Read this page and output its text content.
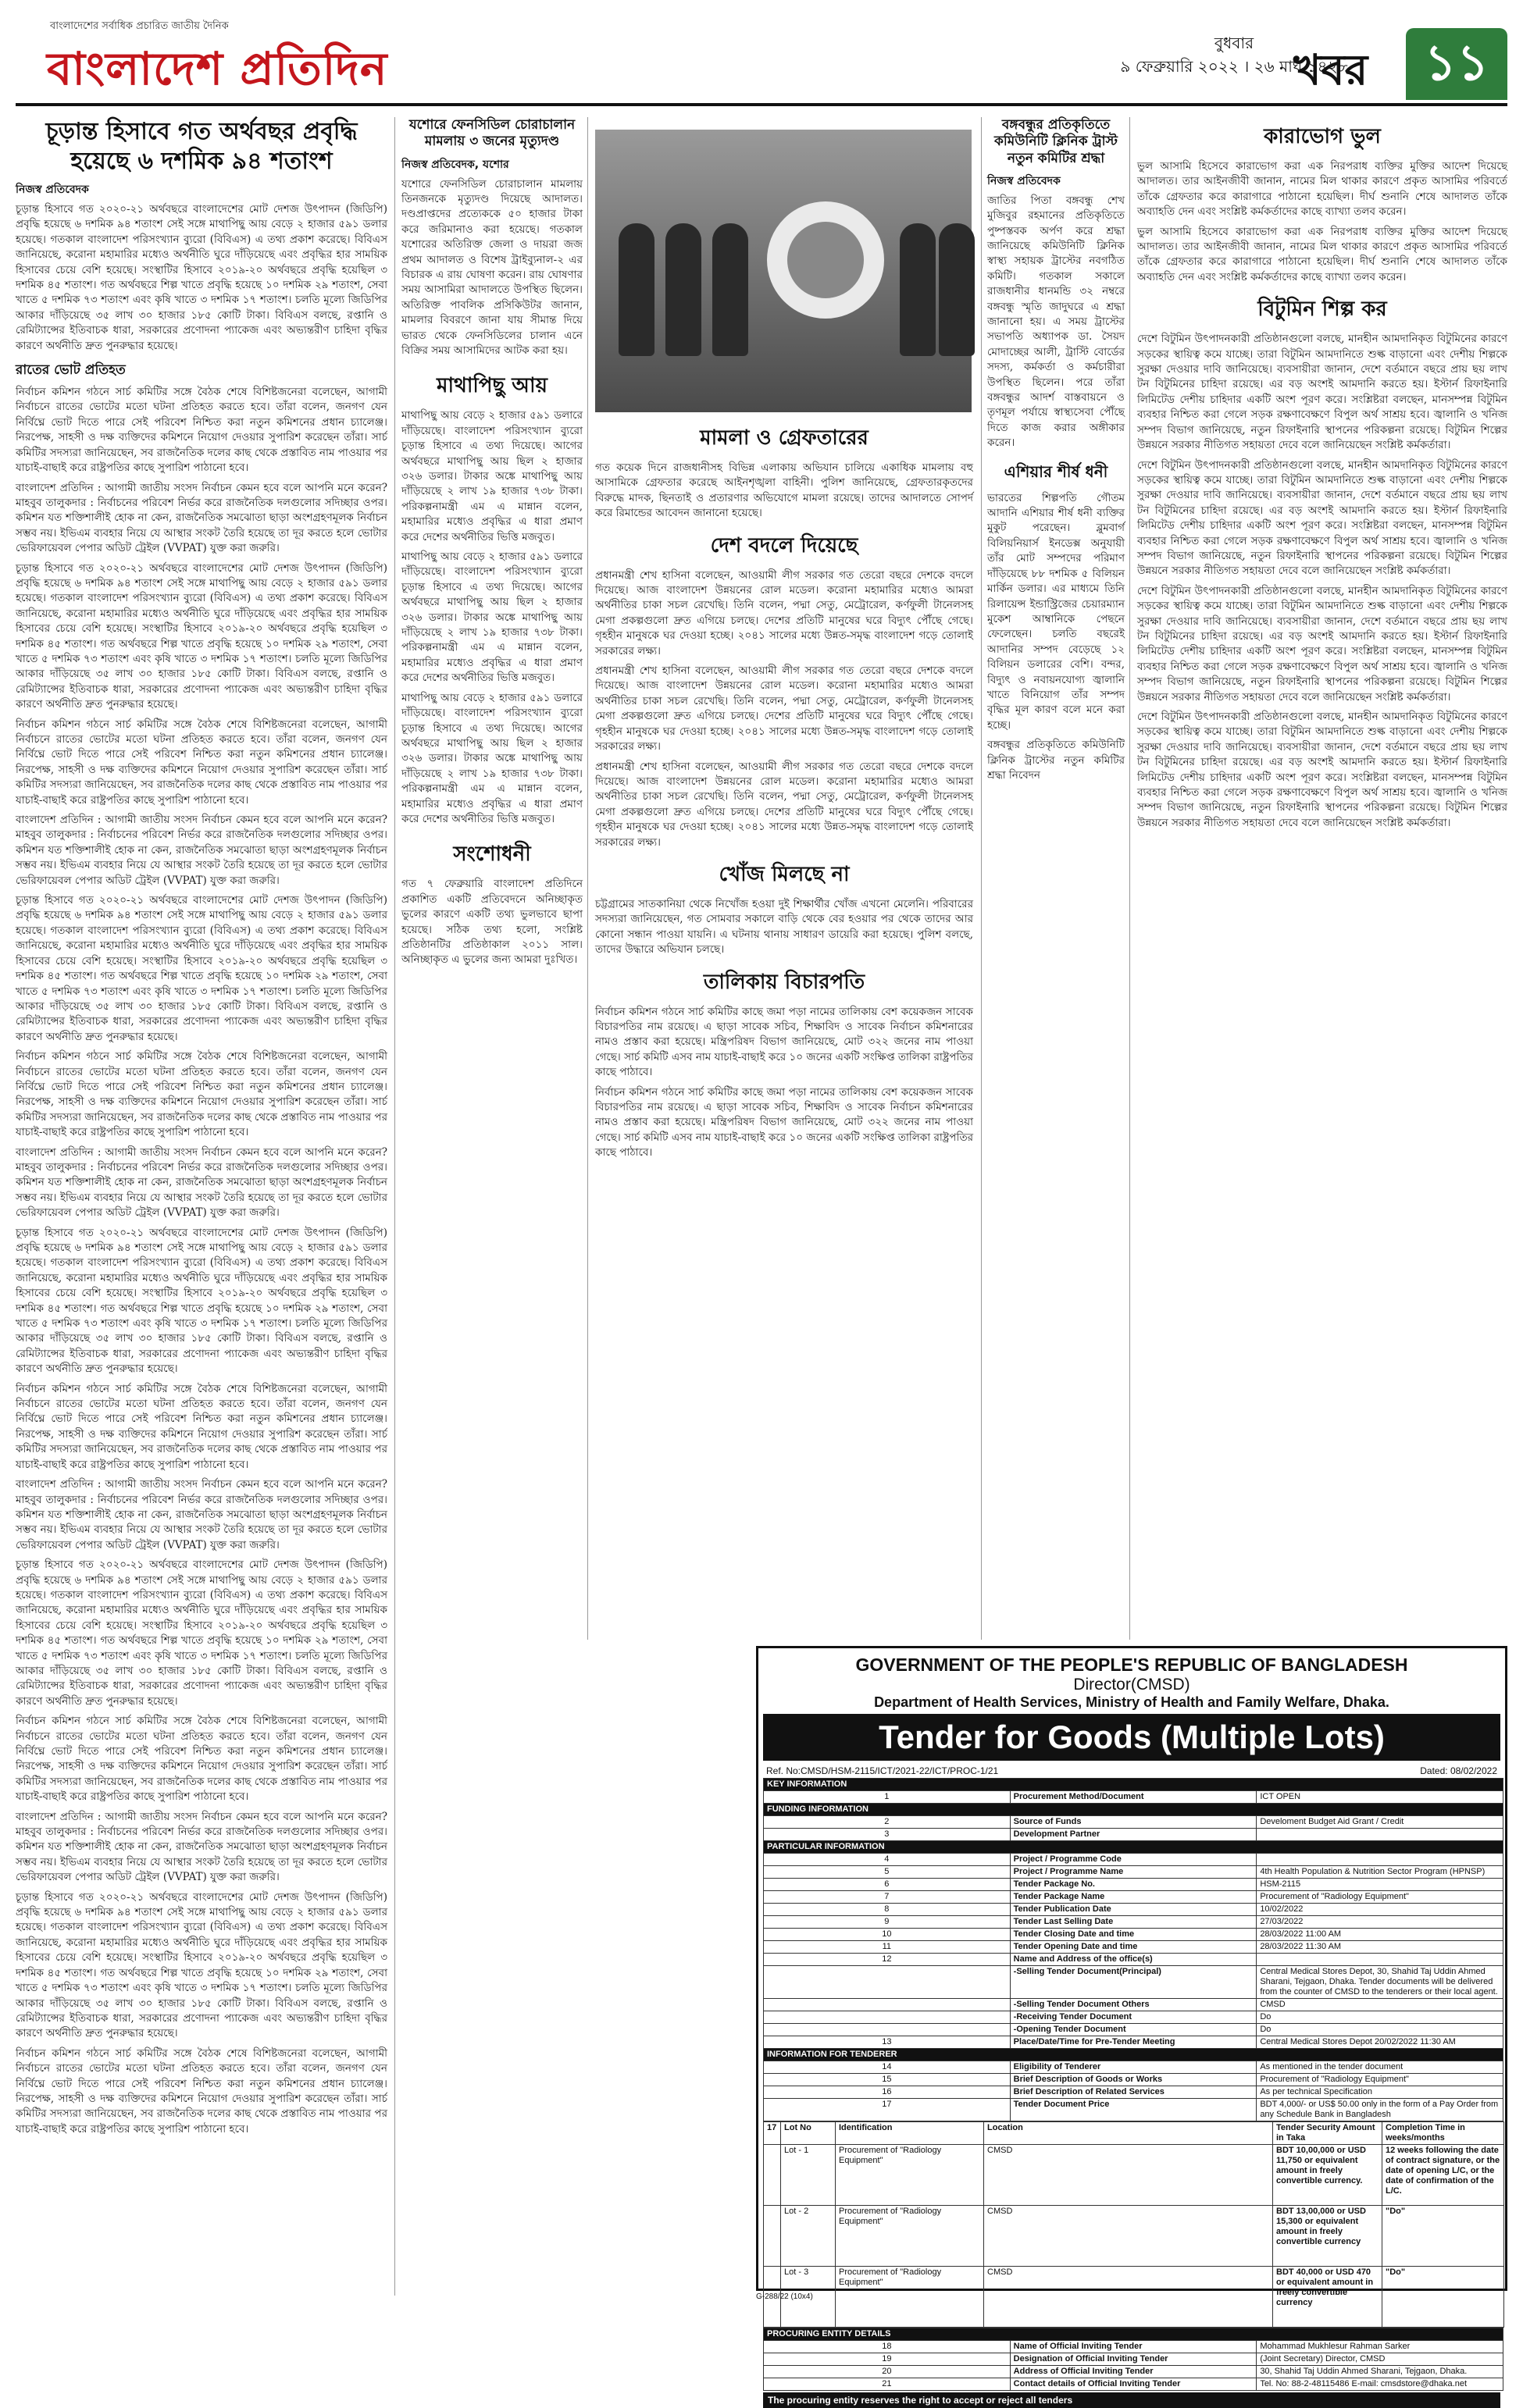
বাংলাদেশের সর্বাধিক প্রচারিত জাতীয় দৈনিক
বাংলাদেশ প্রতিদিন	বুধবার
৯ ফেব্রুয়ারি ২০২২ । ২৬ মাঘ ১৪২৮
খবর	১১
চূড়ান্ত হিসাবে গত অর্থবছর প্রবৃদ্ধি হয়েছে ৬ দশমিক ৯৪ শতাংশ
নিজস্ব প্রতিবেদক
চূড়ান্ত হিসাবে গত ২০২০-২১ অর্থবছরে বাংলাদেশের মোট দেশজ উৎপাদন (জিডিপি) প্রবৃদ্ধি হয়েছে ৬ দশমিক ৯৪ শতাংশ সেই সঙ্গে মাথাপিছু আয় বেড়ে ২ হাজার ৫৯১ ডলার হয়েছে। গতকাল বাংলাদেশ পরিসংখ্যান ব্যুরো (বিবিএস) এ তথ্য প্রকাশ করেছে। বিবিএস জানিয়েছে, করোনা মহামারির মধ্যেও অর্থনীতি ঘুরে দাঁড়িয়েছে এবং প্রবৃদ্ধির হার সাময়িক হিসাবের চেয়ে বেশি হয়েছে। সংস্থাটির হিসাবে ২০১৯-২০ অর্থবছরে প্রবৃদ্ধি হয়েছিল ৩ দশমিক ৪৫ শতাংশ। গত অর্থবছরে শিল্প খাতে প্রবৃদ্ধি হয়েছে ১০ দশমিক ২৯ শতাংশ, সেবা খাতে ৫ দশমিক ৭৩ শতাংশ এবং কৃষি খাতে ৩ দশমিক ১৭ শতাংশ। চলতি মূল্যে জিডিপির আকার দাঁড়িয়েছে ৩৫ লাখ ৩০ হাজার ১৮৫ কোটি টাকা। বিবিএস বলছে, রপ্তানি ও রেমিট্যান্সের ইতিবাচক ধারা, সরকারের প্রণোদনা প্যাকেজ এবং অভ্যন্তরীণ চাহিদা বৃদ্ধির কারণে অর্থনীতি দ্রুত পুনরুদ্ধার হয়েছে।
রাতের ভোট প্রতিহত
নির্বাচন কমিশন গঠনে সার্চ কমিটির সঙ্গে বৈঠক শেষে বিশিষ্টজনেরা বলেছেন, আগামী নির্বাচনে রাতের ভোটের মতো ঘটনা প্রতিহত করতে হবে। তাঁরা বলেন, জনগণ যেন নির্বিঘ্নে ভোট দিতে পারে সেই পরিবেশ নিশ্চিত করা নতুন কমিশনের প্রধান চ্যালেঞ্জ। নিরপেক্ষ, সাহসী ও দক্ষ ব্যক্তিদের কমিশনে নিয়োগ দেওয়ার সুপারিশ করেছেন তাঁরা। সার্চ কমিটির সদস্যরা জানিয়েছেন, সব রাজনৈতিক দলের কাছ থেকে প্রস্তাবিত নাম পাওয়ার পর যাচাই-বাছাই করে রাষ্ট্রপতির কাছে সুপারিশ পাঠানো হবে।
বাংলাদেশ প্রতিদিন : আগামী জাতীয় সংসদ নির্বাচন কেমন হবে বলে আপনি মনে করেন? মাহবুব তালুকদার : নির্বাচনের পরিবেশ নির্ভর করে রাজনৈতিক দলগুলোর সদিচ্ছার ওপর। কমিশন যত শক্তিশালীই হোক না কেন, রাজনৈতিক সমঝোতা ছাড়া অংশগ্রহণমূলক নির্বাচন সম্ভব নয়। ইভিএম ব্যবহার নিয়ে যে আস্থার সংকট তৈরি হয়েছে তা দূর করতে হলে ভোটার ভেরিফায়েবল পেপার অডিট ট্রেইল (VVPAT) যুক্ত করা জরুরি।
চূড়ান্ত হিসাবে গত ২০২০-২১ অর্থবছরে বাংলাদেশের মোট দেশজ উৎপাদন (জিডিপি) প্রবৃদ্ধি হয়েছে ৬ দশমিক ৯৪ শতাংশ সেই সঙ্গে মাথাপিছু আয় বেড়ে ২ হাজার ৫৯১ ডলার হয়েছে। গতকাল বাংলাদেশ পরিসংখ্যান ব্যুরো (বিবিএস) এ তথ্য প্রকাশ করেছে। বিবিএস জানিয়েছে, করোনা মহামারির মধ্যেও অর্থনীতি ঘুরে দাঁড়িয়েছে এবং প্রবৃদ্ধির হার সাময়িক হিসাবের চেয়ে বেশি হয়েছে। সংস্থাটির হিসাবে ২০১৯-২০ অর্থবছরে প্রবৃদ্ধি হয়েছিল ৩ দশমিক ৪৫ শতাংশ। গত অর্থবছরে শিল্প খাতে প্রবৃদ্ধি হয়েছে ১০ দশমিক ২৯ শতাংশ, সেবা খাতে ৫ দশমিক ৭৩ শতাংশ এবং কৃষি খাতে ৩ দশমিক ১৭ শতাংশ। চলতি মূল্যে জিডিপির আকার দাঁড়িয়েছে ৩৫ লাখ ৩০ হাজার ১৮৫ কোটি টাকা। বিবিএস বলছে, রপ্তানি ও রেমিট্যান্সের ইতিবাচক ধারা, সরকারের প্রণোদনা প্যাকেজ এবং অভ্যন্তরীণ চাহিদা বৃদ্ধির কারণে অর্থনীতি দ্রুত পুনরুদ্ধার হয়েছে।
নির্বাচন কমিশন গঠনে সার্চ কমিটির সঙ্গে বৈঠক শেষে বিশিষ্টজনেরা বলেছেন, আগামী নির্বাচনে রাতের ভোটের মতো ঘটনা প্রতিহত করতে হবে। তাঁরা বলেন, জনগণ যেন নির্বিঘ্নে ভোট দিতে পারে সেই পরিবেশ নিশ্চিত করা নতুন কমিশনের প্রধান চ্যালেঞ্জ। নিরপেক্ষ, সাহসী ও দক্ষ ব্যক্তিদের কমিশনে নিয়োগ দেওয়ার সুপারিশ করেছেন তাঁরা। সার্চ কমিটির সদস্যরা জানিয়েছেন, সব রাজনৈতিক দলের কাছ থেকে প্রস্তাবিত নাম পাওয়ার পর যাচাই-বাছাই করে রাষ্ট্রপতির কাছে সুপারিশ পাঠানো হবে।
বাংলাদেশ প্রতিদিন : আগামী জাতীয় সংসদ নির্বাচন কেমন হবে বলে আপনি মনে করেন? মাহবুব তালুকদার : নির্বাচনের পরিবেশ নির্ভর করে রাজনৈতিক দলগুলোর সদিচ্ছার ওপর। কমিশন যত শক্তিশালীই হোক না কেন, রাজনৈতিক সমঝোতা ছাড়া অংশগ্রহণমূলক নির্বাচন সম্ভব নয়। ইভিএম ব্যবহার নিয়ে যে আস্থার সংকট তৈরি হয়েছে তা দূর করতে হলে ভোটার ভেরিফায়েবল পেপার অডিট ট্রেইল (VVPAT) যুক্ত করা জরুরি।
চূড়ান্ত হিসাবে গত ২০২০-২১ অর্থবছরে বাংলাদেশের মোট দেশজ উৎপাদন (জিডিপি) প্রবৃদ্ধি হয়েছে ৬ দশমিক ৯৪ শতাংশ সেই সঙ্গে মাথাপিছু আয় বেড়ে ২ হাজার ৫৯১ ডলার হয়েছে। গতকাল বাংলাদেশ পরিসংখ্যান ব্যুরো (বিবিএস) এ তথ্য প্রকাশ করেছে। বিবিএস জানিয়েছে, করোনা মহামারির মধ্যেও অর্থনীতি ঘুরে দাঁড়িয়েছে এবং প্রবৃদ্ধির হার সাময়িক হিসাবের চেয়ে বেশি হয়েছে। সংস্থাটির হিসাবে ২০১৯-২০ অর্থবছরে প্রবৃদ্ধি হয়েছিল ৩ দশমিক ৪৫ শতাংশ। গত অর্থবছরে শিল্প খাতে প্রবৃদ্ধি হয়েছে ১০ দশমিক ২৯ শতাংশ, সেবা খাতে ৫ দশমিক ৭৩ শতাংশ এবং কৃষি খাতে ৩ দশমিক ১৭ শতাংশ। চলতি মূল্যে জিডিপির আকার দাঁড়িয়েছে ৩৫ লাখ ৩০ হাজার ১৮৫ কোটি টাকা। বিবিএস বলছে, রপ্তানি ও রেমিট্যান্সের ইতিবাচক ধারা, সরকারের প্রণোদনা প্যাকেজ এবং অভ্যন্তরীণ চাহিদা বৃদ্ধির কারণে অর্থনীতি দ্রুত পুনরুদ্ধার হয়েছে।
নির্বাচন কমিশন গঠনে সার্চ কমিটির সঙ্গে বৈঠক শেষে বিশিষ্টজনেরা বলেছেন, আগামী নির্বাচনে রাতের ভোটের মতো ঘটনা প্রতিহত করতে হবে। তাঁরা বলেন, জনগণ যেন নির্বিঘ্নে ভোট দিতে পারে সেই পরিবেশ নিশ্চিত করা নতুন কমিশনের প্রধান চ্যালেঞ্জ। নিরপেক্ষ, সাহসী ও দক্ষ ব্যক্তিদের কমিশনে নিয়োগ দেওয়ার সুপারিশ করেছেন তাঁরা। সার্চ কমিটির সদস্যরা জানিয়েছেন, সব রাজনৈতিক দলের কাছ থেকে প্রস্তাবিত নাম পাওয়ার পর যাচাই-বাছাই করে রাষ্ট্রপতির কাছে সুপারিশ পাঠানো হবে।
বাংলাদেশ প্রতিদিন : আগামী জাতীয় সংসদ নির্বাচন কেমন হবে বলে আপনি মনে করেন? মাহবুব তালুকদার : নির্বাচনের পরিবেশ নির্ভর করে রাজনৈতিক দলগুলোর সদিচ্ছার ওপর। কমিশন যত শক্তিশালীই হোক না কেন, রাজনৈতিক সমঝোতা ছাড়া অংশগ্রহণমূলক নির্বাচন সম্ভব নয়। ইভিএম ব্যবহার নিয়ে যে আস্থার সংকট তৈরি হয়েছে তা দূর করতে হলে ভোটার ভেরিফায়েবল পেপার অডিট ট্রেইল (VVPAT) যুক্ত করা জরুরি।
চূড়ান্ত হিসাবে গত ২০২০-২১ অর্থবছরে বাংলাদেশের মোট দেশজ উৎপাদন (জিডিপি) প্রবৃদ্ধি হয়েছে ৬ দশমিক ৯৪ শতাংশ সেই সঙ্গে মাথাপিছু আয় বেড়ে ২ হাজার ৫৯১ ডলার হয়েছে। গতকাল বাংলাদেশ পরিসংখ্যান ব্যুরো (বিবিএস) এ তথ্য প্রকাশ করেছে। বিবিএস জানিয়েছে, করোনা মহামারির মধ্যেও অর্থনীতি ঘুরে দাঁড়িয়েছে এবং প্রবৃদ্ধির হার সাময়িক হিসাবের চেয়ে বেশি হয়েছে। সংস্থাটির হিসাবে ২০১৯-২০ অর্থবছরে প্রবৃদ্ধি হয়েছিল ৩ দশমিক ৪৫ শতাংশ। গত অর্থবছরে শিল্প খাতে প্রবৃদ্ধি হয়েছে ১০ দশমিক ২৯ শতাংশ, সেবা খাতে ৫ দশমিক ৭৩ শতাংশ এবং কৃষি খাতে ৩ দশমিক ১৭ শতাংশ। চলতি মূল্যে জিডিপির আকার দাঁড়িয়েছে ৩৫ লাখ ৩০ হাজার ১৮৫ কোটি টাকা। বিবিএস বলছে, রপ্তানি ও রেমিট্যান্সের ইতিবাচক ধারা, সরকারের প্রণোদনা প্যাকেজ এবং অভ্যন্তরীণ চাহিদা বৃদ্ধির কারণে অর্থনীতি দ্রুত পুনরুদ্ধার হয়েছে।
নির্বাচন কমিশন গঠনে সার্চ কমিটির সঙ্গে বৈঠক শেষে বিশিষ্টজনেরা বলেছেন, আগামী নির্বাচনে রাতের ভোটের মতো ঘটনা প্রতিহত করতে হবে। তাঁরা বলেন, জনগণ যেন নির্বিঘ্নে ভোট দিতে পারে সেই পরিবেশ নিশ্চিত করা নতুন কমিশনের প্রধান চ্যালেঞ্জ। নিরপেক্ষ, সাহসী ও দক্ষ ব্যক্তিদের কমিশনে নিয়োগ দেওয়ার সুপারিশ করেছেন তাঁরা। সার্চ কমিটির সদস্যরা জানিয়েছেন, সব রাজনৈতিক দলের কাছ থেকে প্রস্তাবিত নাম পাওয়ার পর যাচাই-বাছাই করে রাষ্ট্রপতির কাছে সুপারিশ পাঠানো হবে।
বাংলাদেশ প্রতিদিন : আগামী জাতীয় সংসদ নির্বাচন কেমন হবে বলে আপনি মনে করেন? মাহবুব তালুকদার : নির্বাচনের পরিবেশ নির্ভর করে রাজনৈতিক দলগুলোর সদিচ্ছার ওপর। কমিশন যত শক্তিশালীই হোক না কেন, রাজনৈতিক সমঝোতা ছাড়া অংশগ্রহণমূলক নির্বাচন সম্ভব নয়। ইভিএম ব্যবহার নিয়ে যে আস্থার সংকট তৈরি হয়েছে তা দূর করতে হলে ভোটার ভেরিফায়েবল পেপার অডিট ট্রেইল (VVPAT) যুক্ত করা জরুরি।
চূড়ান্ত হিসাবে গত ২০২০-২১ অর্থবছরে বাংলাদেশের মোট দেশজ উৎপাদন (জিডিপি) প্রবৃদ্ধি হয়েছে ৬ দশমিক ৯৪ শতাংশ সেই সঙ্গে মাথাপিছু আয় বেড়ে ২ হাজার ৫৯১ ডলার হয়েছে। গতকাল বাংলাদেশ পরিসংখ্যান ব্যুরো (বিবিএস) এ তথ্য প্রকাশ করেছে। বিবিএস জানিয়েছে, করোনা মহামারির মধ্যেও অর্থনীতি ঘুরে দাঁড়িয়েছে এবং প্রবৃদ্ধির হার সাময়িক হিসাবের চেয়ে বেশি হয়েছে। সংস্থাটির হিসাবে ২০১৯-২০ অর্থবছরে প্রবৃদ্ধি হয়েছিল ৩ দশমিক ৪৫ শতাংশ। গত অর্থবছরে শিল্প খাতে প্রবৃদ্ধি হয়েছে ১০ দশমিক ২৯ শতাংশ, সেবা খাতে ৫ দশমিক ৭৩ শতাংশ এবং কৃষি খাতে ৩ দশমিক ১৭ শতাংশ। চলতি মূল্যে জিডিপির আকার দাঁড়িয়েছে ৩৫ লাখ ৩০ হাজার ১৮৫ কোটি টাকা। বিবিএস বলছে, রপ্তানি ও রেমিট্যান্সের ইতিবাচক ধারা, সরকারের প্রণোদনা প্যাকেজ এবং অভ্যন্তরীণ চাহিদা বৃদ্ধির কারণে অর্থনীতি দ্রুত পুনরুদ্ধার হয়েছে।
নির্বাচন কমিশন গঠনে সার্চ কমিটির সঙ্গে বৈঠক শেষে বিশিষ্টজনেরা বলেছেন, আগামী নির্বাচনে রাতের ভোটের মতো ঘটনা প্রতিহত করতে হবে। তাঁরা বলেন, জনগণ যেন নির্বিঘ্নে ভোট দিতে পারে সেই পরিবেশ নিশ্চিত করা নতুন কমিশনের প্রধান চ্যালেঞ্জ। নিরপেক্ষ, সাহসী ও দক্ষ ব্যক্তিদের কমিশনে নিয়োগ দেওয়ার সুপারিশ করেছেন তাঁরা। সার্চ কমিটির সদস্যরা জানিয়েছেন, সব রাজনৈতিক দলের কাছ থেকে প্রস্তাবিত নাম পাওয়ার পর যাচাই-বাছাই করে রাষ্ট্রপতির কাছে সুপারিশ পাঠানো হবে।
বাংলাদেশ প্রতিদিন : আগামী জাতীয় সংসদ নির্বাচন কেমন হবে বলে আপনি মনে করেন? মাহবুব তালুকদার : নির্বাচনের পরিবেশ নির্ভর করে রাজনৈতিক দলগুলোর সদিচ্ছার ওপর। কমিশন যত শক্তিশালীই হোক না কেন, রাজনৈতিক সমঝোতা ছাড়া অংশগ্রহণমূলক নির্বাচন সম্ভব নয়। ইভিএম ব্যবহার নিয়ে যে আস্থার সংকট তৈরি হয়েছে তা দূর করতে হলে ভোটার ভেরিফায়েবল পেপার অডিট ট্রেইল (VVPAT) যুক্ত করা জরুরি।
চূড়ান্ত হিসাবে গত ২০২০-২১ অর্থবছরে বাংলাদেশের মোট দেশজ উৎপাদন (জিডিপি) প্রবৃদ্ধি হয়েছে ৬ দশমিক ৯৪ শতাংশ সেই সঙ্গে মাথাপিছু আয় বেড়ে ২ হাজার ৫৯১ ডলার হয়েছে। গতকাল বাংলাদেশ পরিসংখ্যান ব্যুরো (বিবিএস) এ তথ্য প্রকাশ করেছে। বিবিএস জানিয়েছে, করোনা মহামারির মধ্যেও অর্থনীতি ঘুরে দাঁড়িয়েছে এবং প্রবৃদ্ধির হার সাময়িক হিসাবের চেয়ে বেশি হয়েছে। সংস্থাটির হিসাবে ২০১৯-২০ অর্থবছরে প্রবৃদ্ধি হয়েছিল ৩ দশমিক ৪৫ শতাংশ। গত অর্থবছরে শিল্প খাতে প্রবৃদ্ধি হয়েছে ১০ দশমিক ২৯ শতাংশ, সেবা খাতে ৫ দশমিক ৭৩ শতাংশ এবং কৃষি খাতে ৩ দশমিক ১৭ শতাংশ। চলতি মূল্যে জিডিপির আকার দাঁড়িয়েছে ৩৫ লাখ ৩০ হাজার ১৮৫ কোটি টাকা। বিবিএস বলছে, রপ্তানি ও রেমিট্যান্সের ইতিবাচক ধারা, সরকারের প্রণোদনা প্যাকেজ এবং অভ্যন্তরীণ চাহিদা বৃদ্ধির কারণে অর্থনীতি দ্রুত পুনরুদ্ধার হয়েছে।
নির্বাচন কমিশন গঠনে সার্চ কমিটির সঙ্গে বৈঠক শেষে বিশিষ্টজনেরা বলেছেন, আগামী নির্বাচনে রাতের ভোটের মতো ঘটনা প্রতিহত করতে হবে। তাঁরা বলেন, জনগণ যেন নির্বিঘ্নে ভোট দিতে পারে সেই পরিবেশ নিশ্চিত করা নতুন কমিশনের প্রধান চ্যালেঞ্জ। নিরপেক্ষ, সাহসী ও দক্ষ ব্যক্তিদের কমিশনে নিয়োগ দেওয়ার সুপারিশ করেছেন তাঁরা। সার্চ কমিটির সদস্যরা জানিয়েছেন, সব রাজনৈতিক দলের কাছ থেকে প্রস্তাবিত নাম পাওয়ার পর যাচাই-বাছাই করে রাষ্ট্রপতির কাছে সুপারিশ পাঠানো হবে।
যশোরে ফেনসিডিল চোরাচালান মামলায় ৩ জনের মৃত্যুদণ্ড
নিজস্ব প্রতিবেদক, যশোর
যশোরে ফেনসিডিল চোরাচালান মামলায় তিনজনকে মৃত্যুদণ্ড দিয়েছে আদালত। দণ্ডপ্রাপ্তদের প্রত্যেককে ৫০ হাজার টাকা করে জরিমানাও করা হয়েছে। গতকাল যশোরের অতিরিক্ত জেলা ও দায়রা জজ প্রথম আদালত ও বিশেষ ট্রাইব্যুনাল-২ এর বিচারক এ রায় ঘোষণা করেন। রায় ঘোষণার সময় আসামিরা আদালতে উপস্থিত ছিলেন। অতিরিক্ত পাবলিক প্রসিকিউটর জানান, মামলার বিবরণে জানা যায় সীমান্ত দিয়ে ভারত থেকে ফেনসিডিলের চালান এনে বিক্রির সময় আসামিদের আটক করা হয়।
মাথাপিছু আয়
মাথাপিছু আয় বেড়ে ২ হাজার ৫৯১ ডলারে দাঁড়িয়েছে। বাংলাদেশ পরিসংখ্যান ব্যুরো চূড়ান্ত হিসাবে এ তথ্য দিয়েছে। আগের অর্থবছরে মাথাপিছু আয় ছিল ২ হাজার ৩২৬ ডলার। টাকার অঙ্কে মাথাপিছু আয় দাঁড়িয়েছে ২ লাখ ১৯ হাজার ৭৩৮ টাকা। পরিকল্পনামন্ত্রী এম এ মান্নান বলেন, মহামারির মধ্যেও প্রবৃদ্ধির এ ধারা প্রমাণ করে দেশের অর্থনীতির ভিত্তি মজবুত।
মাথাপিছু আয় বেড়ে ২ হাজার ৫৯১ ডলারে দাঁড়িয়েছে। বাংলাদেশ পরিসংখ্যান ব্যুরো চূড়ান্ত হিসাবে এ তথ্য দিয়েছে। আগের অর্থবছরে মাথাপিছু আয় ছিল ২ হাজার ৩২৬ ডলার। টাকার অঙ্কে মাথাপিছু আয় দাঁড়িয়েছে ২ লাখ ১৯ হাজার ৭৩৮ টাকা। পরিকল্পনামন্ত্রী এম এ মান্নান বলেন, মহামারির মধ্যেও প্রবৃদ্ধির এ ধারা প্রমাণ করে দেশের অর্থনীতির ভিত্তি মজবুত।
মাথাপিছু আয় বেড়ে ২ হাজার ৫৯১ ডলারে দাঁড়িয়েছে। বাংলাদেশ পরিসংখ্যান ব্যুরো চূড়ান্ত হিসাবে এ তথ্য দিয়েছে। আগের অর্থবছরে মাথাপিছু আয় ছিল ২ হাজার ৩২৬ ডলার। টাকার অঙ্কে মাথাপিছু আয় দাঁড়িয়েছে ২ লাখ ১৯ হাজার ৭৩৮ টাকা। পরিকল্পনামন্ত্রী এম এ মান্নান বলেন, মহামারির মধ্যেও প্রবৃদ্ধির এ ধারা প্রমাণ করে দেশের অর্থনীতির ভিত্তি মজবুত।
সংশোধনী
গত ৭ ফেব্রুয়ারি বাংলাদেশ প্রতিদিনে প্রকাশিত একটি প্রতিবেদনে অনিচ্ছাকৃত ভুলের কারণে একটি তথ্য ভুলভাবে ছাপা হয়েছে। সঠিক তথ্য হলো, সংশ্লিষ্ট প্রতিষ্ঠানটির প্রতিষ্ঠাকাল ২০১১ সাল। অনিচ্ছাকৃত এ ভুলের জন্য আমরা দুঃখিত।
মামলা ও গ্রেফতারের
গত কয়েক দিনে রাজধানীসহ বিভিন্ন এলাকায় অভিযান চালিয়ে একাধিক মামলায় বহু আসামিকে গ্রেফতার করেছে আইনশৃঙ্খলা বাহিনী। পুলিশ জানিয়েছে, গ্রেফতারকৃতদের বিরুদ্ধে মাদক, ছিনতাই ও প্রতারণার অভিযোগে মামলা রয়েছে। তাদের আদালতে সোপর্দ করে রিমান্ডের আবেদন জানানো হয়েছে।
দেশ বদলে দিয়েছে
প্রধানমন্ত্রী শেখ হাসিনা বলেছেন, আওয়ামী লীগ সরকার গত তেরো বছরে দেশকে বদলে দিয়েছে। আজ বাংলাদেশ উন্নয়নের রোল মডেল। করোনা মহামারির মধ্যেও আমরা অর্থনীতির চাকা সচল রেখেছি। তিনি বলেন, পদ্মা সেতু, মেট্রোরেল, কর্ণফুলী টানেলসহ মেগা প্রকল্পগুলো দ্রুত এগিয়ে চলছে। দেশের প্রতিটি মানুষের ঘরে বিদ্যুৎ পৌঁছে গেছে। গৃহহীন মানুষকে ঘর দেওয়া হচ্ছে। ২০৪১ সালের মধ্যে উন্নত-সমৃদ্ধ বাংলাদেশ গড়ে তোলাই সরকারের লক্ষ্য।
প্রধানমন্ত্রী শেখ হাসিনা বলেছেন, আওয়ামী লীগ সরকার গত তেরো বছরে দেশকে বদলে দিয়েছে। আজ বাংলাদেশ উন্নয়নের রোল মডেল। করোনা মহামারির মধ্যেও আমরা অর্থনীতির চাকা সচল রেখেছি। তিনি বলেন, পদ্মা সেতু, মেট্রোরেল, কর্ণফুলী টানেলসহ মেগা প্রকল্পগুলো দ্রুত এগিয়ে চলছে। দেশের প্রতিটি মানুষের ঘরে বিদ্যুৎ পৌঁছে গেছে। গৃহহীন মানুষকে ঘর দেওয়া হচ্ছে। ২০৪১ সালের মধ্যে উন্নত-সমৃদ্ধ বাংলাদেশ গড়ে তোলাই সরকারের লক্ষ্য।
প্রধানমন্ত্রী শেখ হাসিনা বলেছেন, আওয়ামী লীগ সরকার গত তেরো বছরে দেশকে বদলে দিয়েছে। আজ বাংলাদেশ উন্নয়নের রোল মডেল। করোনা মহামারির মধ্যেও আমরা অর্থনীতির চাকা সচল রেখেছি। তিনি বলেন, পদ্মা সেতু, মেট্রোরেল, কর্ণফুলী টানেলসহ মেগা প্রকল্পগুলো দ্রুত এগিয়ে চলছে। দেশের প্রতিটি মানুষের ঘরে বিদ্যুৎ পৌঁছে গেছে। গৃহহীন মানুষকে ঘর দেওয়া হচ্ছে। ২০৪১ সালের মধ্যে উন্নত-সমৃদ্ধ বাংলাদেশ গড়ে তোলাই সরকারের লক্ষ্য।
খোঁজ মিলছে না
চট্টগ্রামের সাতকানিয়া থেকে নিখোঁজ হওয়া দুই শিক্ষার্থীর খোঁজ এখনো মেলেনি। পরিবারের সদস্যরা জানিয়েছেন, গত সোমবার সকালে বাড়ি থেকে বের হওয়ার পর থেকে তাদের আর কোনো সন্ধান পাওয়া যায়নি। এ ঘটনায় থানায় সাধারণ ডায়েরি করা হয়েছে। পুলিশ বলছে, তাদের উদ্ধারে অভিযান চলছে।
তালিকায় বিচারপতি
নির্বাচন কমিশন গঠনে সার্চ কমিটির কাছে জমা পড়া নামের তালিকায় বেশ কয়েকজন সাবেক বিচারপতির নাম রয়েছে। এ ছাড়া সাবেক সচিব, শিক্ষাবিদ ও সাবেক নির্বাচন কমিশনারের নামও প্রস্তাব করা হয়েছে। মন্ত্রিপরিষদ বিভাগ জানিয়েছে, মোট ৩২২ জনের নাম পাওয়া গেছে। সার্চ কমিটি এসব নাম যাচাই-বাছাই করে ১০ জনের একটি সংক্ষিপ্ত তালিকা রাষ্ট্রপতির কাছে পাঠাবে।
নির্বাচন কমিশন গঠনে সার্চ কমিটির কাছে জমা পড়া নামের তালিকায় বেশ কয়েকজন সাবেক বিচারপতির নাম রয়েছে। এ ছাড়া সাবেক সচিব, শিক্ষাবিদ ও সাবেক নির্বাচন কমিশনারের নামও প্রস্তাব করা হয়েছে। মন্ত্রিপরিষদ বিভাগ জানিয়েছে, মোট ৩২২ জনের নাম পাওয়া গেছে। সার্চ কমিটি এসব নাম যাচাই-বাছাই করে ১০ জনের একটি সংক্ষিপ্ত তালিকা রাষ্ট্রপতির কাছে পাঠাবে।
বঙ্গবন্ধুর প্রতিকৃতিতে কমিউনিটি ক্লিনিক ট্রাস্ট নতুন কমিটির শ্রদ্ধা
নিজস্ব প্রতিবেদক
জাতির পিতা বঙ্গবন্ধু শেখ মুজিবুর রহমানের প্রতিকৃতিতে পুষ্পস্তবক অর্পণ করে শ্রদ্ধা জানিয়েছে কমিউনিটি ক্লিনিক স্বাস্থ্য সহায়ক ট্রাস্টের নবগঠিত কমিটি। গতকাল সকালে রাজধানীর ধানমন্ডি ৩২ নম্বরে বঙ্গবন্ধু স্মৃতি জাদুঘরে এ শ্রদ্ধা জানানো হয়। এ সময় ট্রাস্টের সভাপতি অধ্যাপক ডা. সৈয়দ মোদাচ্ছের আলী, ট্রাস্টি বোর্ডের সদস্য, কর্মকর্তা ও কর্মচারীরা উপস্থিত ছিলেন। পরে তাঁরা বঙ্গবন্ধুর আদর্শ বাস্তবায়নে ও তৃণমূল পর্যায়ে স্বাস্থ্যসেবা পৌঁছে দিতে কাজ করার অঙ্গীকার করেন।
এশিয়ার শীর্ষ ধনী
ভারতের শিল্পপতি গৌতম আদানি এশিয়ার শীর্ষ ধনী ব্যক্তির মুকুট পরেছেন। ব্লুমবার্গ বিলিয়নিয়ার্স ইনডেক্স অনুযায়ী তাঁর মোট সম্পদের পরিমাণ দাঁড়িয়েছে ৮৮ দশমিক ৫ বিলিয়ন মার্কিন ডলার। এর মাধ্যমে তিনি রিলায়েন্স ইন্ডাস্ট্রিজের চেয়ারম্যান মুকেশ আম্বানিকে পেছনে ফেলেছেন। চলতি বছরেই আদানির সম্পদ বেড়েছে ১২ বিলিয়ন ডলারের বেশি। বন্দর, বিদ্যুৎ ও নবায়নযোগ্য জ্বালানি খাতে বিনিয়োগ তাঁর সম্পদ বৃদ্ধির মূল কারণ বলে মনে করা হচ্ছে।
বঙ্গবন্ধুর প্রতিকৃতিতে কমিউনিটি ক্লিনিক ট্রাস্টের নতুন কমিটির শ্রদ্ধা নিবেদন
কারাভোগ ভুল
ভুল আসামি হিসেবে কারাভোগ করা এক নিরপরাধ ব্যক্তির মুক্তির আদেশ দিয়েছে আদালত। তার আইনজীবী জানান, নামের মিল থাকার কারণে প্রকৃত আসামির পরিবর্তে তাঁকে গ্রেফতার করে কারাগারে পাঠানো হয়েছিল। দীর্ঘ শুনানি শেষে আদালত তাঁকে অব্যাহতি দেন এবং সংশ্লিষ্ট কর্মকর্তাদের কাছে ব্যাখ্যা তলব করেন।
ভুল আসামি হিসেবে কারাভোগ করা এক নিরপরাধ ব্যক্তির মুক্তির আদেশ দিয়েছে আদালত। তার আইনজীবী জানান, নামের মিল থাকার কারণে প্রকৃত আসামির পরিবর্তে তাঁকে গ্রেফতার করে কারাগারে পাঠানো হয়েছিল। দীর্ঘ শুনানি শেষে আদালত তাঁকে অব্যাহতি দেন এবং সংশ্লিষ্ট কর্মকর্তাদের কাছে ব্যাখ্যা তলব করেন।
বিটুমিন শিল্প কর
দেশে বিটুমিন উৎপাদনকারী প্রতিষ্ঠানগুলো বলছে, মানহীন আমদানিকৃত বিটুমিনের কারণে সড়কের স্থায়িত্ব কমে যাচ্ছে। তারা বিটুমিন আমদানিতে শুল্ক বাড়ানো এবং দেশীয় শিল্পকে সুরক্ষা দেওয়ার দাবি জানিয়েছে। ব্যবসায়ীরা জানান, দেশে বর্তমানে বছরে প্রায় ছয় লাখ টন বিটুমিনের চাহিদা রয়েছে। এর বড় অংশই আমদানি করতে হয়। ইস্টার্ন রিফাইনারি লিমিটেড দেশীয় চাহিদার একটি অংশ পূরণ করে। সংশ্লিষ্টরা বলছেন, মানসম্পন্ন বিটুমিন ব্যবহার নিশ্চিত করা গেলে সড়ক রক্ষণাবেক্ষণে বিপুল অর্থ সাশ্রয় হবে। জ্বালানি ও খনিজ সম্পদ বিভাগ জানিয়েছে, নতুন রিফাইনারি স্থাপনের পরিকল্পনা রয়েছে। বিটুমিন শিল্পের উন্নয়নে সরকার নীতিগত সহায়তা দেবে বলে জানিয়েছেন সংশ্লিষ্ট কর্মকর্তারা।
দেশে বিটুমিন উৎপাদনকারী প্রতিষ্ঠানগুলো বলছে, মানহীন আমদানিকৃত বিটুমিনের কারণে সড়কের স্থায়িত্ব কমে যাচ্ছে। তারা বিটুমিন আমদানিতে শুল্ক বাড়ানো এবং দেশীয় শিল্পকে সুরক্ষা দেওয়ার দাবি জানিয়েছে। ব্যবসায়ীরা জানান, দেশে বর্তমানে বছরে প্রায় ছয় লাখ টন বিটুমিনের চাহিদা রয়েছে। এর বড় অংশই আমদানি করতে হয়। ইস্টার্ন রিফাইনারি লিমিটেড দেশীয় চাহিদার একটি অংশ পূরণ করে। সংশ্লিষ্টরা বলছেন, মানসম্পন্ন বিটুমিন ব্যবহার নিশ্চিত করা গেলে সড়ক রক্ষণাবেক্ষণে বিপুল অর্থ সাশ্রয় হবে। জ্বালানি ও খনিজ সম্পদ বিভাগ জানিয়েছে, নতুন রিফাইনারি স্থাপনের পরিকল্পনা রয়েছে। বিটুমিন শিল্পের উন্নয়নে সরকার নীতিগত সহায়তা দেবে বলে জানিয়েছেন সংশ্লিষ্ট কর্মকর্তারা।
দেশে বিটুমিন উৎপাদনকারী প্রতিষ্ঠানগুলো বলছে, মানহীন আমদানিকৃত বিটুমিনের কারণে সড়কের স্থায়িত্ব কমে যাচ্ছে। তারা বিটুমিন আমদানিতে শুল্ক বাড়ানো এবং দেশীয় শিল্পকে সুরক্ষা দেওয়ার দাবি জানিয়েছে। ব্যবসায়ীরা জানান, দেশে বর্তমানে বছরে প্রায় ছয় লাখ টন বিটুমিনের চাহিদা রয়েছে। এর বড় অংশই আমদানি করতে হয়। ইস্টার্ন রিফাইনারি লিমিটেড দেশীয় চাহিদার একটি অংশ পূরণ করে। সংশ্লিষ্টরা বলছেন, মানসম্পন্ন বিটুমিন ব্যবহার নিশ্চিত করা গেলে সড়ক রক্ষণাবেক্ষণে বিপুল অর্থ সাশ্রয় হবে। জ্বালানি ও খনিজ সম্পদ বিভাগ জানিয়েছে, নতুন রিফাইনারি স্থাপনের পরিকল্পনা রয়েছে। বিটুমিন শিল্পের উন্নয়নে সরকার নীতিগত সহায়তা দেবে বলে জানিয়েছেন সংশ্লিষ্ট কর্মকর্তারা।
দেশে বিটুমিন উৎপাদনকারী প্রতিষ্ঠানগুলো বলছে, মানহীন আমদানিকৃত বিটুমিনের কারণে সড়কের স্থায়িত্ব কমে যাচ্ছে। তারা বিটুমিন আমদানিতে শুল্ক বাড়ানো এবং দেশীয় শিল্পকে সুরক্ষা দেওয়ার দাবি জানিয়েছে। ব্যবসায়ীরা জানান, দেশে বর্তমানে বছরে প্রায় ছয় লাখ টন বিটুমিনের চাহিদা রয়েছে। এর বড় অংশই আমদানি করতে হয়। ইস্টার্ন রিফাইনারি লিমিটেড দেশীয় চাহিদার একটি অংশ পূরণ করে। সংশ্লিষ্টরা বলছেন, মানসম্পন্ন বিটুমিন ব্যবহার নিশ্চিত করা গেলে সড়ক রক্ষণাবেক্ষণে বিপুল অর্থ সাশ্রয় হবে। জ্বালানি ও খনিজ সম্পদ বিভাগ জানিয়েছে, নতুন রিফাইনারি স্থাপনের পরিকল্পনা রয়েছে। বিটুমিন শিল্পের উন্নয়নে সরকার নীতিগত সহায়তা দেবে বলে জানিয়েছেন সংশ্লিষ্ট কর্মকর্তারা।
GOVERNMENT OF THE PEOPLE'S REPUBLIC OF BANGLADESH
Director(CMSD)
Department of Health Services, Ministry of Health and Family Welfare, Dhaka.
Tender for Goods (Multiple Lots)
Ref. No:CMSD/HSM-2115/ICT/2021-22/ICT/PROC-1/21	Dated: 08/02/2022
KEY INFORMATION		
1	Procurement Method/Document	ICT OPEN
FUNDING INFORMATION		
2	Source of Funds	Develoment Budget Aid Grant / Credit
3	Development Partner	
PARTICULAR INFORMATION		
4	Project / Programme Code	
5	Project / Programme Name	4th Health Population & Nutrition Sector Program (HPNSP)
6	Tender Package No.	HSM-2115
7	Tender Package Name	Procurement of "Radiology Equipment"
8	Tender Publication Date	10/02/2022
9	Tender Last Selling Date	27/03/2022
10	Tender Closing Date and time	28/03/2022 11:00 AM
11	Tender Opening Date and time	28/03/2022 11:30 AM
12	Name and Address of the office(s)	
	-Selling Tender Document(Principal)	Central Medical Stores Depot, 30, Shahid Taj Uddin Ahmed Sharani, Tejgaon, Dhaka. Tender documents will be delivered from the counter of CMSD to the tenderers or their local agent.
	-Selling Tender Document Others	CMSD
	-Receiving Tender Document	Do
	-Opening Tender Document	Do
13	Place/Date/Time for Pre-Tender Meeting	Central Medical Stores Depot 20/02/2022 11:30 AM
INFORMATION FOR TENDERER		
14	Eligibility of Tenderer	As mentioned in the tender document
15	Brief Description of Goods or Works	Procurement of "Radiology Equipment"
16	Brief Description of Related Services	As per technical Specification
17	Tender Document Price	BDT 4,000/- or US$ 50.00 only in the form of a Pay Order from any Schedule Bank in Bangladesh
17	Lot No	Identification	Location	Tender Security Amount in Taka	Completion Time in weeks/months
	Lot - 1	Procurement of "Radiology Equipment"	CMSD	BDT 10,00,000 or USD 11,750 or equivalent amount in freely convertible currency.	12 weeks following the date of contract signature, or the date of opening L/C, or the date of confirmation of the L/C.
	Lot - 2	Procurement of "Radiology Equipment"	CMSD	BDT 13,00,000 or USD 15,300 or equivalent amount in freely convertible currency	"Do"
	Lot - 3	Procurement of "Radiology Equipment"	CMSD	BDT 40,000 or USD 470 or equivalent amount in freely convertible currency	"Do"
PROCURING ENTITY DETAILS		
18	Name of Official Inviting Tender	Mohammad Mukhlesur Rahman Sarker
19	Designation of Official Inviting Tender	(Joint Secretary) Director, CMSD
20	Address of Official Inviting Tender	30, Shahid Taj Uddin Ahmed Sharani, Tejgaon, Dhaka.
21	Contact details of Official Inviting Tender	Tel. No: 88-2-48115486 E-mail: cmsdstore@dhaka.net
The procuring entity reserves the right to accept or reject all tenders
G-288/22 (10x4)
